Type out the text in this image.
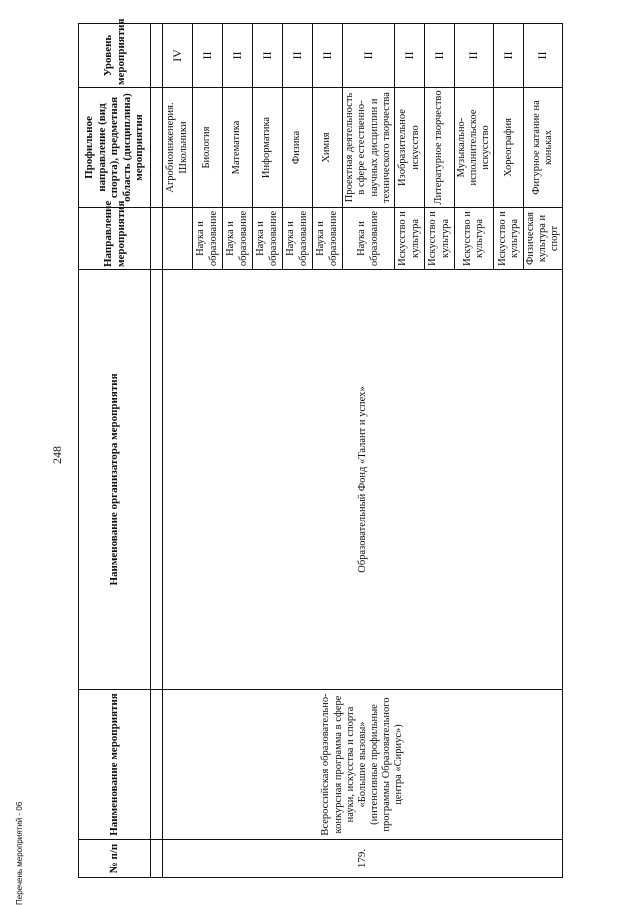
248
№ п/п	Наименование мероприятия	Наименование организатора мероприятия	Направление мероприятия	Профильное направление (вид спорта), предметная область (дисциплина) мероприятия	Уровень мероприятия

179.	Всероссийская образовательно-конкурсная программа в сфере науки, искусства и спорта «Большие вызовы» (интенсивные профильные программы Образовательного центра «Сириус»)	Образовательный Фонд «Талант и успех»		Агробиоинженерия. Школьники	IV
			Наука и образование	Биология	II
			Наука и образование	Математика	II
			Наука и образование	Информатика	II
			Наука и образование	Физика	II
			Наука и образование	Химия	II
			Наука и образование	Проектная деятельность в сфере естественно-научных дисциплин и технического творчества	II
			Искусство и культура	Изобразительное искусство	II
			Искусство и культура	Литературное творчество	II
			Искусство и культура	Музыкально-исполнительское искусство	II
			Искусство и культура	Хореография	II
			Физическая культура и спорт	Фигурное катание на коньках	II
Перечень мероприятий - 06
